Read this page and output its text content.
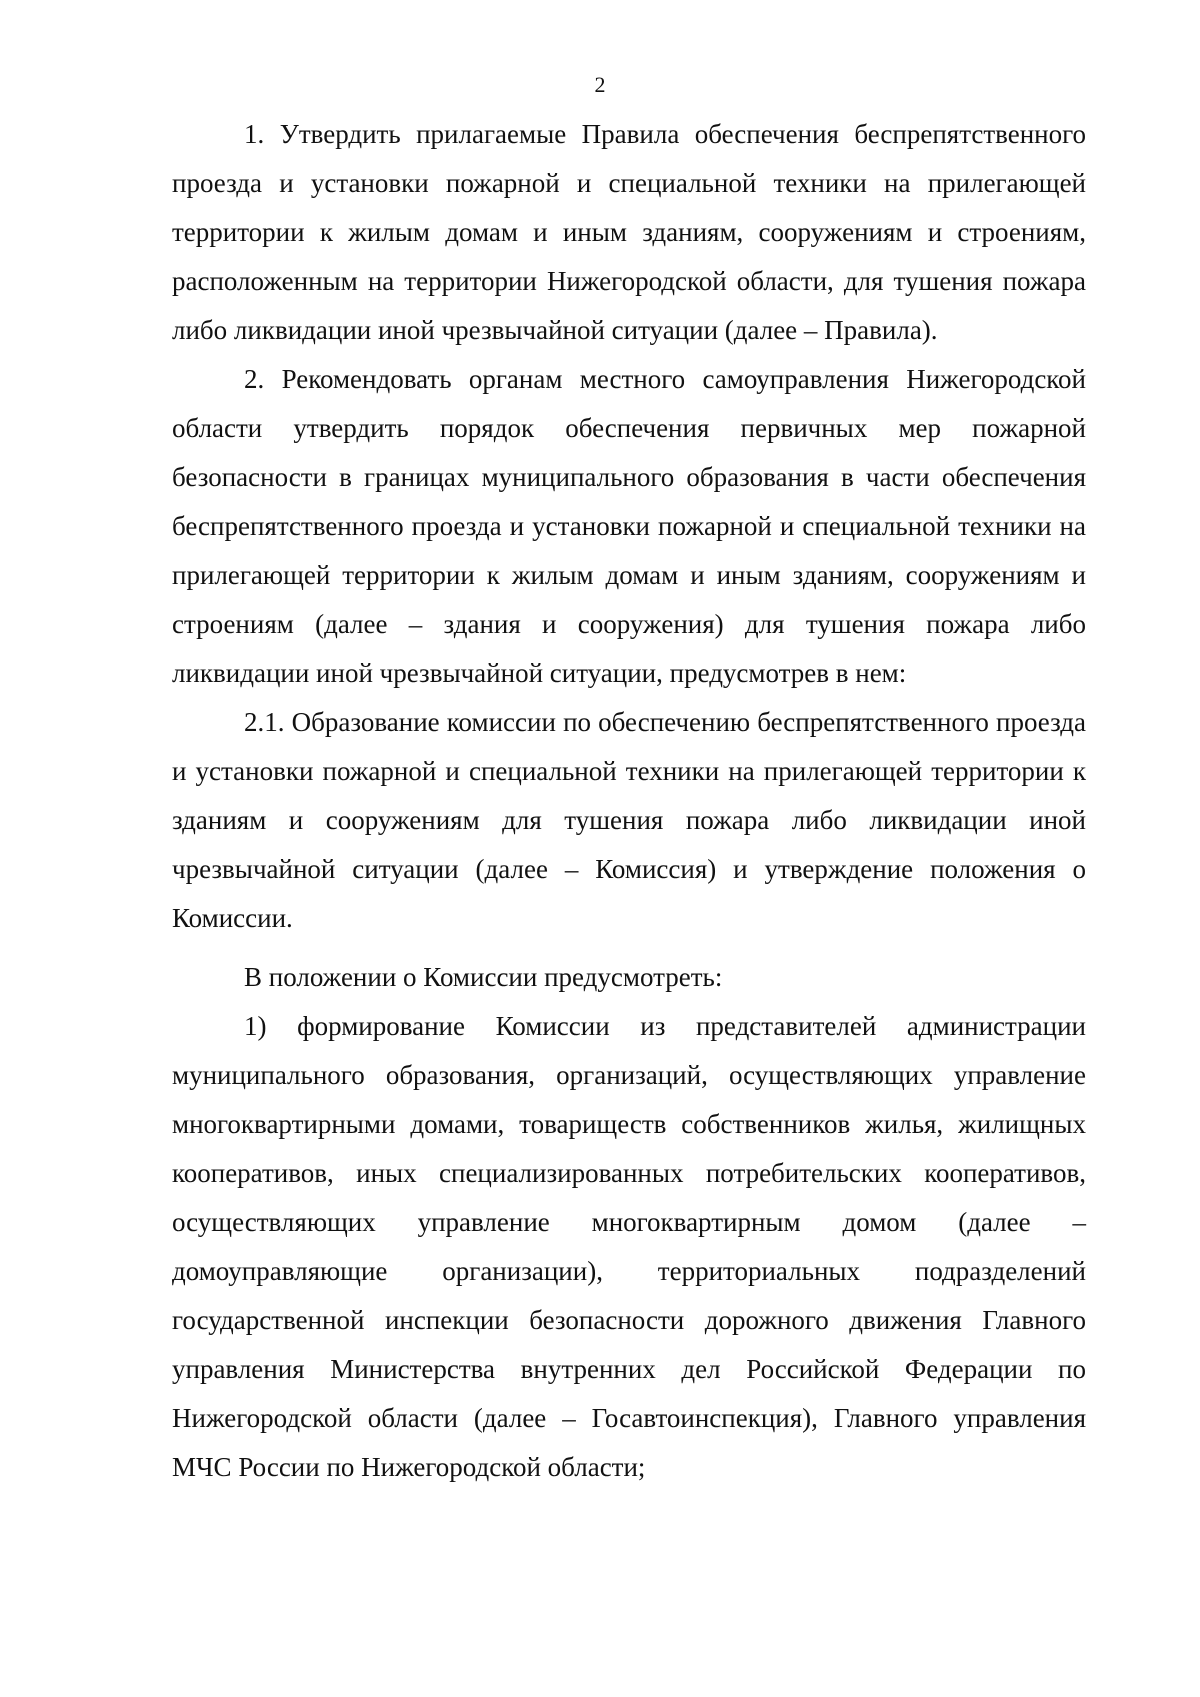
2

1. Утвердить прилагаемые Правила обеспечения беспрепятственного проезда и установки пожарной и специальной техники на прилегающей территории к жилым домам и иным зданиям, сооружениям и строениям, расположенным на территории Нижегородской области, для тушения пожара либо ликвидации иной чрезвычайной ситуации (далее – Правила).

2. Рекомендовать органам местного самоуправления Нижегородской области утвердить порядок обеспечения первичных мер пожарной безопасности в границах муниципального образования в части обеспечения беспрепятственного проезда и установки пожарной и специальной техники на прилегающей территории к жилым домам и иным зданиям, сооружениям и строениям (далее – здания и сооружения) для тушения пожара либо ликвидации иной чрезвычайной ситуации, предусмотрев в нем:

2.1. Образование комиссии по обеспечению беспрепятственного проезда и установки пожарной и специальной техники на прилегающей территории к зданиям и сооружениям для тушения пожара либо ликвидации иной чрезвычайной ситуации (далее – Комиссия) и утверждение положения о Комиссии.

В положении о Комиссии предусмотреть:

1) формирование Комиссии из представителей администрации муниципального образования, организаций, осуществляющих управление многоквартирными домами, товариществ собственников жилья, жилищных кооперативов, иных специализированных потребительских кооперативов, осуществляющих управление многоквартирным домом (далее – домоуправляющие организации), территориальных подразделений государственной инспекции безопасности дорожного движения Главного управления Министерства внутренних дел Российской Федерации по Нижегородской области (далее – Госавтоинспекция), Главного управления МЧС России по Нижегородской области;
